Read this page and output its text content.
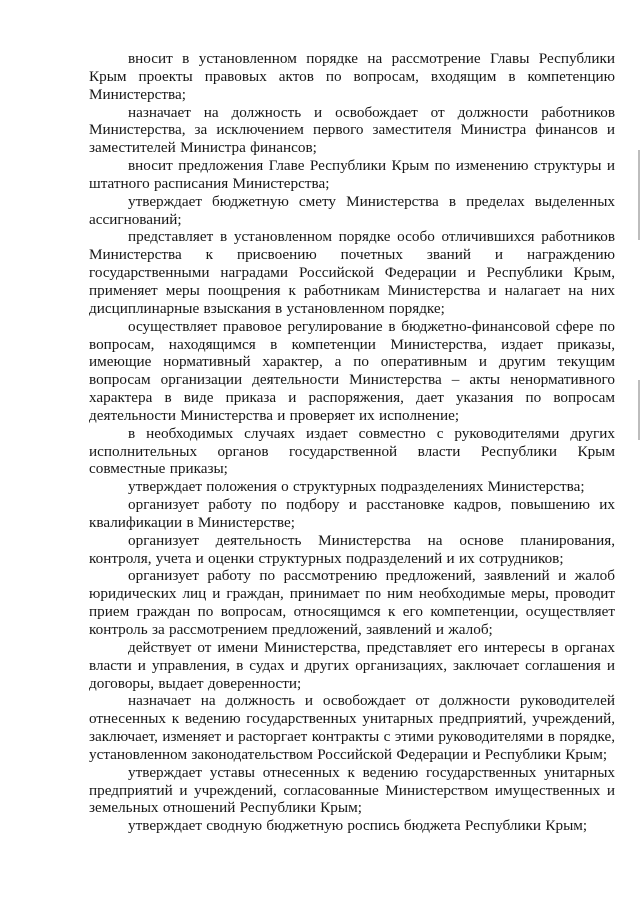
вносит в установленном порядке на рассмотрение Главы Республики Крым проекты правовых актов по вопросам, входящим в компетенцию Министерства;

назначает на должность и освобождает от должности работников Министерства, за исключением первого заместителя Министра финансов и заместителей Министра финансов;

вносит предложения Главе Республики Крым по изменению структуры и штатного расписания Министерства;

утверждает бюджетную смету Министерства в пределах выделенных ассигнований;

представляет в установленном порядке особо отличившихся работников Министерства к присвоению почетных званий и награждению государственными наградами Российской Федерации и Республики Крым, применяет меры поощрения к работникам Министерства и налагает на них дисциплинарные взыскания в установленном порядке;

осуществляет правовое регулирование в бюджетно-финансовой сфере по вопросам, находящимся в компетенции Министерства, издает приказы, имеющие нормативный характер, а по оперативным и другим текущим вопросам организации деятельности Министерства – акты ненормативного характера в виде приказа и распоряжения, дает указания по вопросам деятельности Министерства и проверяет их исполнение;

в необходимых случаях издает совместно с руководителями других исполнительных органов государственной власти Республики Крым совместные приказы;

утверждает положения о структурных подразделениях Министерства;

организует работу по подбору и расстановке кадров, повышению их квалификации в Министерстве;

организует деятельность Министерства на основе планирования, контроля, учета и оценки структурных подразделений и их сотрудников;

организует работу по рассмотрению предложений, заявлений и жалоб юридических лиц и граждан, принимает по ним необходимые меры, проводит прием граждан по вопросам, относящимся к его компетенции, осуществляет контроль за рассмотрением предложений, заявлений и жалоб;

действует от имени Министерства, представляет его интересы в органах власти и управления, в судах и других организациях, заключает соглашения и договоры, выдает доверенности;

назначает на должность и освобождает от должности руководителей отнесенных к ведению государственных унитарных предприятий, учреждений, заключает, изменяет и расторгает контракты с этими руководителями в порядке, установленном законодательством Российской Федерации и Республики Крым;

утверждает уставы отнесенных к ведению государственных унитарных предприятий и учреждений, согласованные Министерством имущественных и земельных отношений Республики Крым;

утверждает сводную бюджетную роспись бюджета Республики Крым;
